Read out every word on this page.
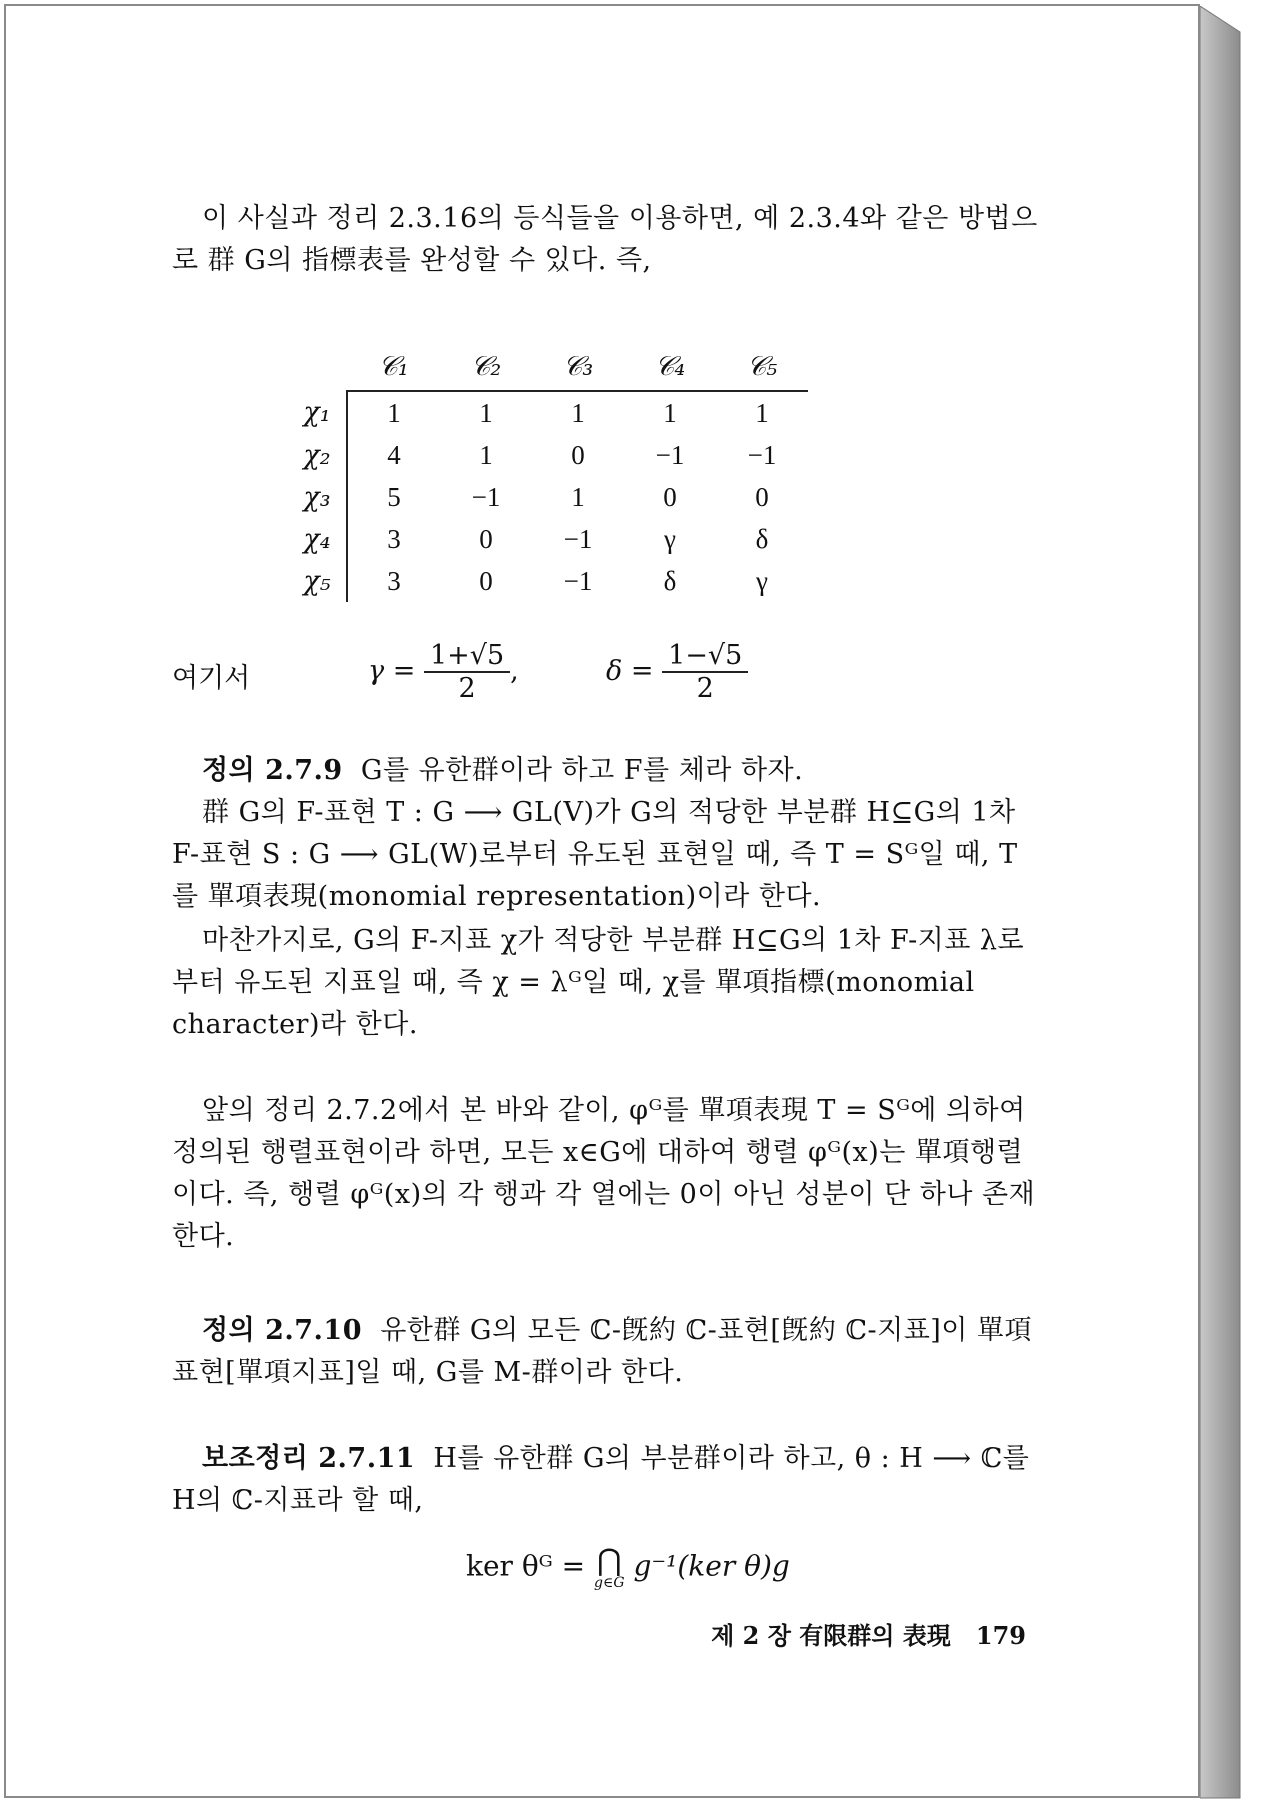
이 사실과 정리 2.3.16의 등식들을 이용하면, 예 2.3.4와 같은 방법으로 群 G의 指標表를 완성할 수 있다. 즉,

	𝒞₁	𝒞₂	𝒞₃	𝒞₄	𝒞₅
χ₁	1	1	1	1	1
χ₂	4	1	0	−1	−1
χ₃	5	−1	1	0	0
χ₄	3	0	−1	γ	δ
χ₅	3	0	−1	δ	γ
여기서	$\gamma = \frac{1+√5}{2}$ ,	$\delta = \frac{1-√5}{2}$
정의 2.7.9 G를 유한群이라 하고 F를 체라 하자.
群 G의 F-표현 T : G ⟶ GL(V)가 G의 적당한 부분群 H⊆G의 1차 F-표현 S : G ⟶ GL(W)로부터 유도된 표현일 때, 즉 T = Sᴳ일 때, T를 單項表現(monomial representation)이라 한다.
마찬가지로, G의 F-지표 χ가 적당한 부분群 H⊆G의 1차 F-지표 λ로부터 유도된 지표일 때, 즉 χ = λᴳ일 때, χ를 單項指標(monomial character)라 한다.

앞의 정리 2.7.2에서 본 바와 같이, φᴳ를 單項表現 T = Sᴳ에 의하여 정의된 행렬표현이라 하면, 모든 x∈G에 대하여 행렬 φᴳ(x)는 單項행렬이다. 즉, 행렬 φᴳ(x)의 각 행과 각 열에는 0이 아닌 성분이 단 하나 존재한다.

정의 2.7.10 유한群 G의 모든 ℂ-旣約 ℂ-표현[旣約 ℂ-지표]이 單項표현[單項지표]일 때, G를 M-群이라 한다.
보조정리 2.7.11 H를 유한群 G의 부분群이라 하고, θ : H ⟶ ℂ를 H의 ℂ-지표라 할 때,
ker θᴳ = ⋂
g∈G
g⁻¹(ker θ)g
제 2 장 有限群의 表現 179
